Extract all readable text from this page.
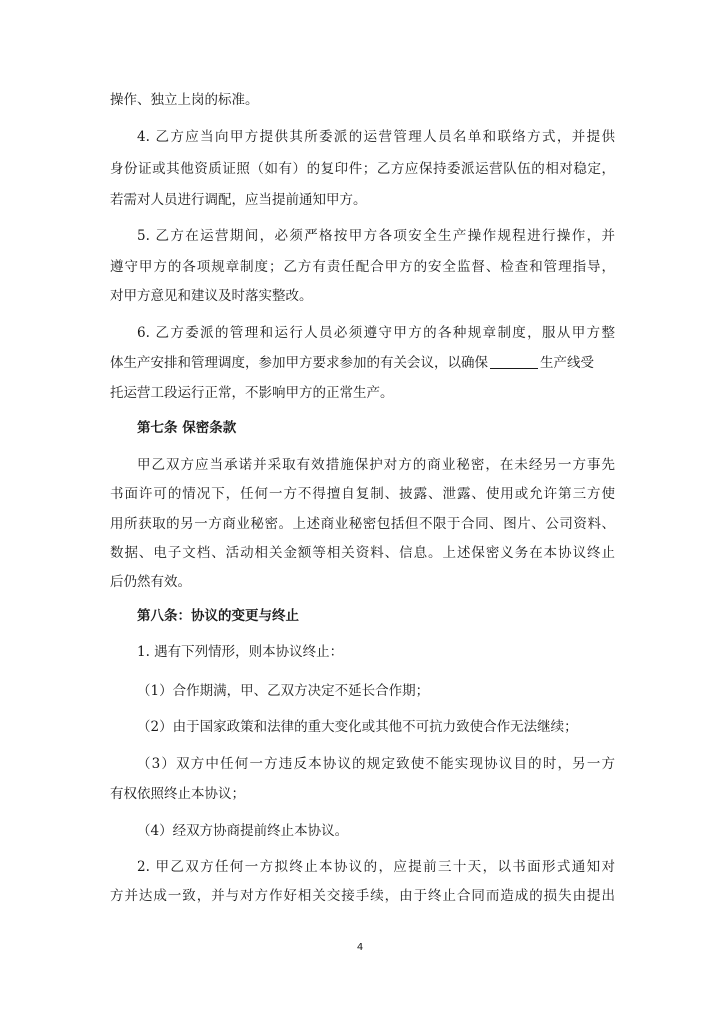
操作、独立上岗的标准。
4. 乙方应当向甲方提供其所委派的运营管理人员名单和联络方式，并提供
身份证或其他资质证照（如有）的复印件；乙方应保持委派运营队伍的相对稳定，
若需对人员进行调配，应当提前通知甲方。
5. 乙方在运营期间，必须严格按甲方各项安全生产操作规程进行操作，并
遵守甲方的各项规章制度；乙方有责任配合甲方的安全监督、检查和管理指导，
对甲方意见和建议及时落实整改。
6. 乙方委派的管理和运行人员必须遵守甲方的各种规章制度，服从甲方整
体生产安排和管理调度，参加甲方要求参加的有关会议，以确保	生产线受
托运营工段运行正常，不影响甲方的正常生产。
第七条 保密条款
甲乙双方应当承诺并采取有效措施保护对方的商业秘密，在未经另一方事先
书面许可的情况下，任何一方不得擅自复制、披露、泄露、使用或允许第三方使
用所获取的另一方商业秘密。上述商业秘密包括但不限于合同、图片、公司资料、
数据、电子文档、活动相关金额等相关资料、信息。上述保密义务在本协议终止
后仍然有效。
第八条：协议的变更与终止
1. 遇有下列情形，则本协议终止：
（1）合作期满，甲、乙双方决定不延长合作期；
（2）由于国家政策和法律的重大变化或其他不可抗力致使合作无法继续；
（3）双方中任何一方违反本协议的规定致使不能实现协议目的时，另一方
有权依照终止本协议；
（4）经双方协商提前终止本协议。
2. 甲乙双方任何一方拟终止本协议的，应提前三十天，以书面形式通知对
方并达成一致，并与对方作好相关交接手续，由于终止合同而造成的损失由提出
4
